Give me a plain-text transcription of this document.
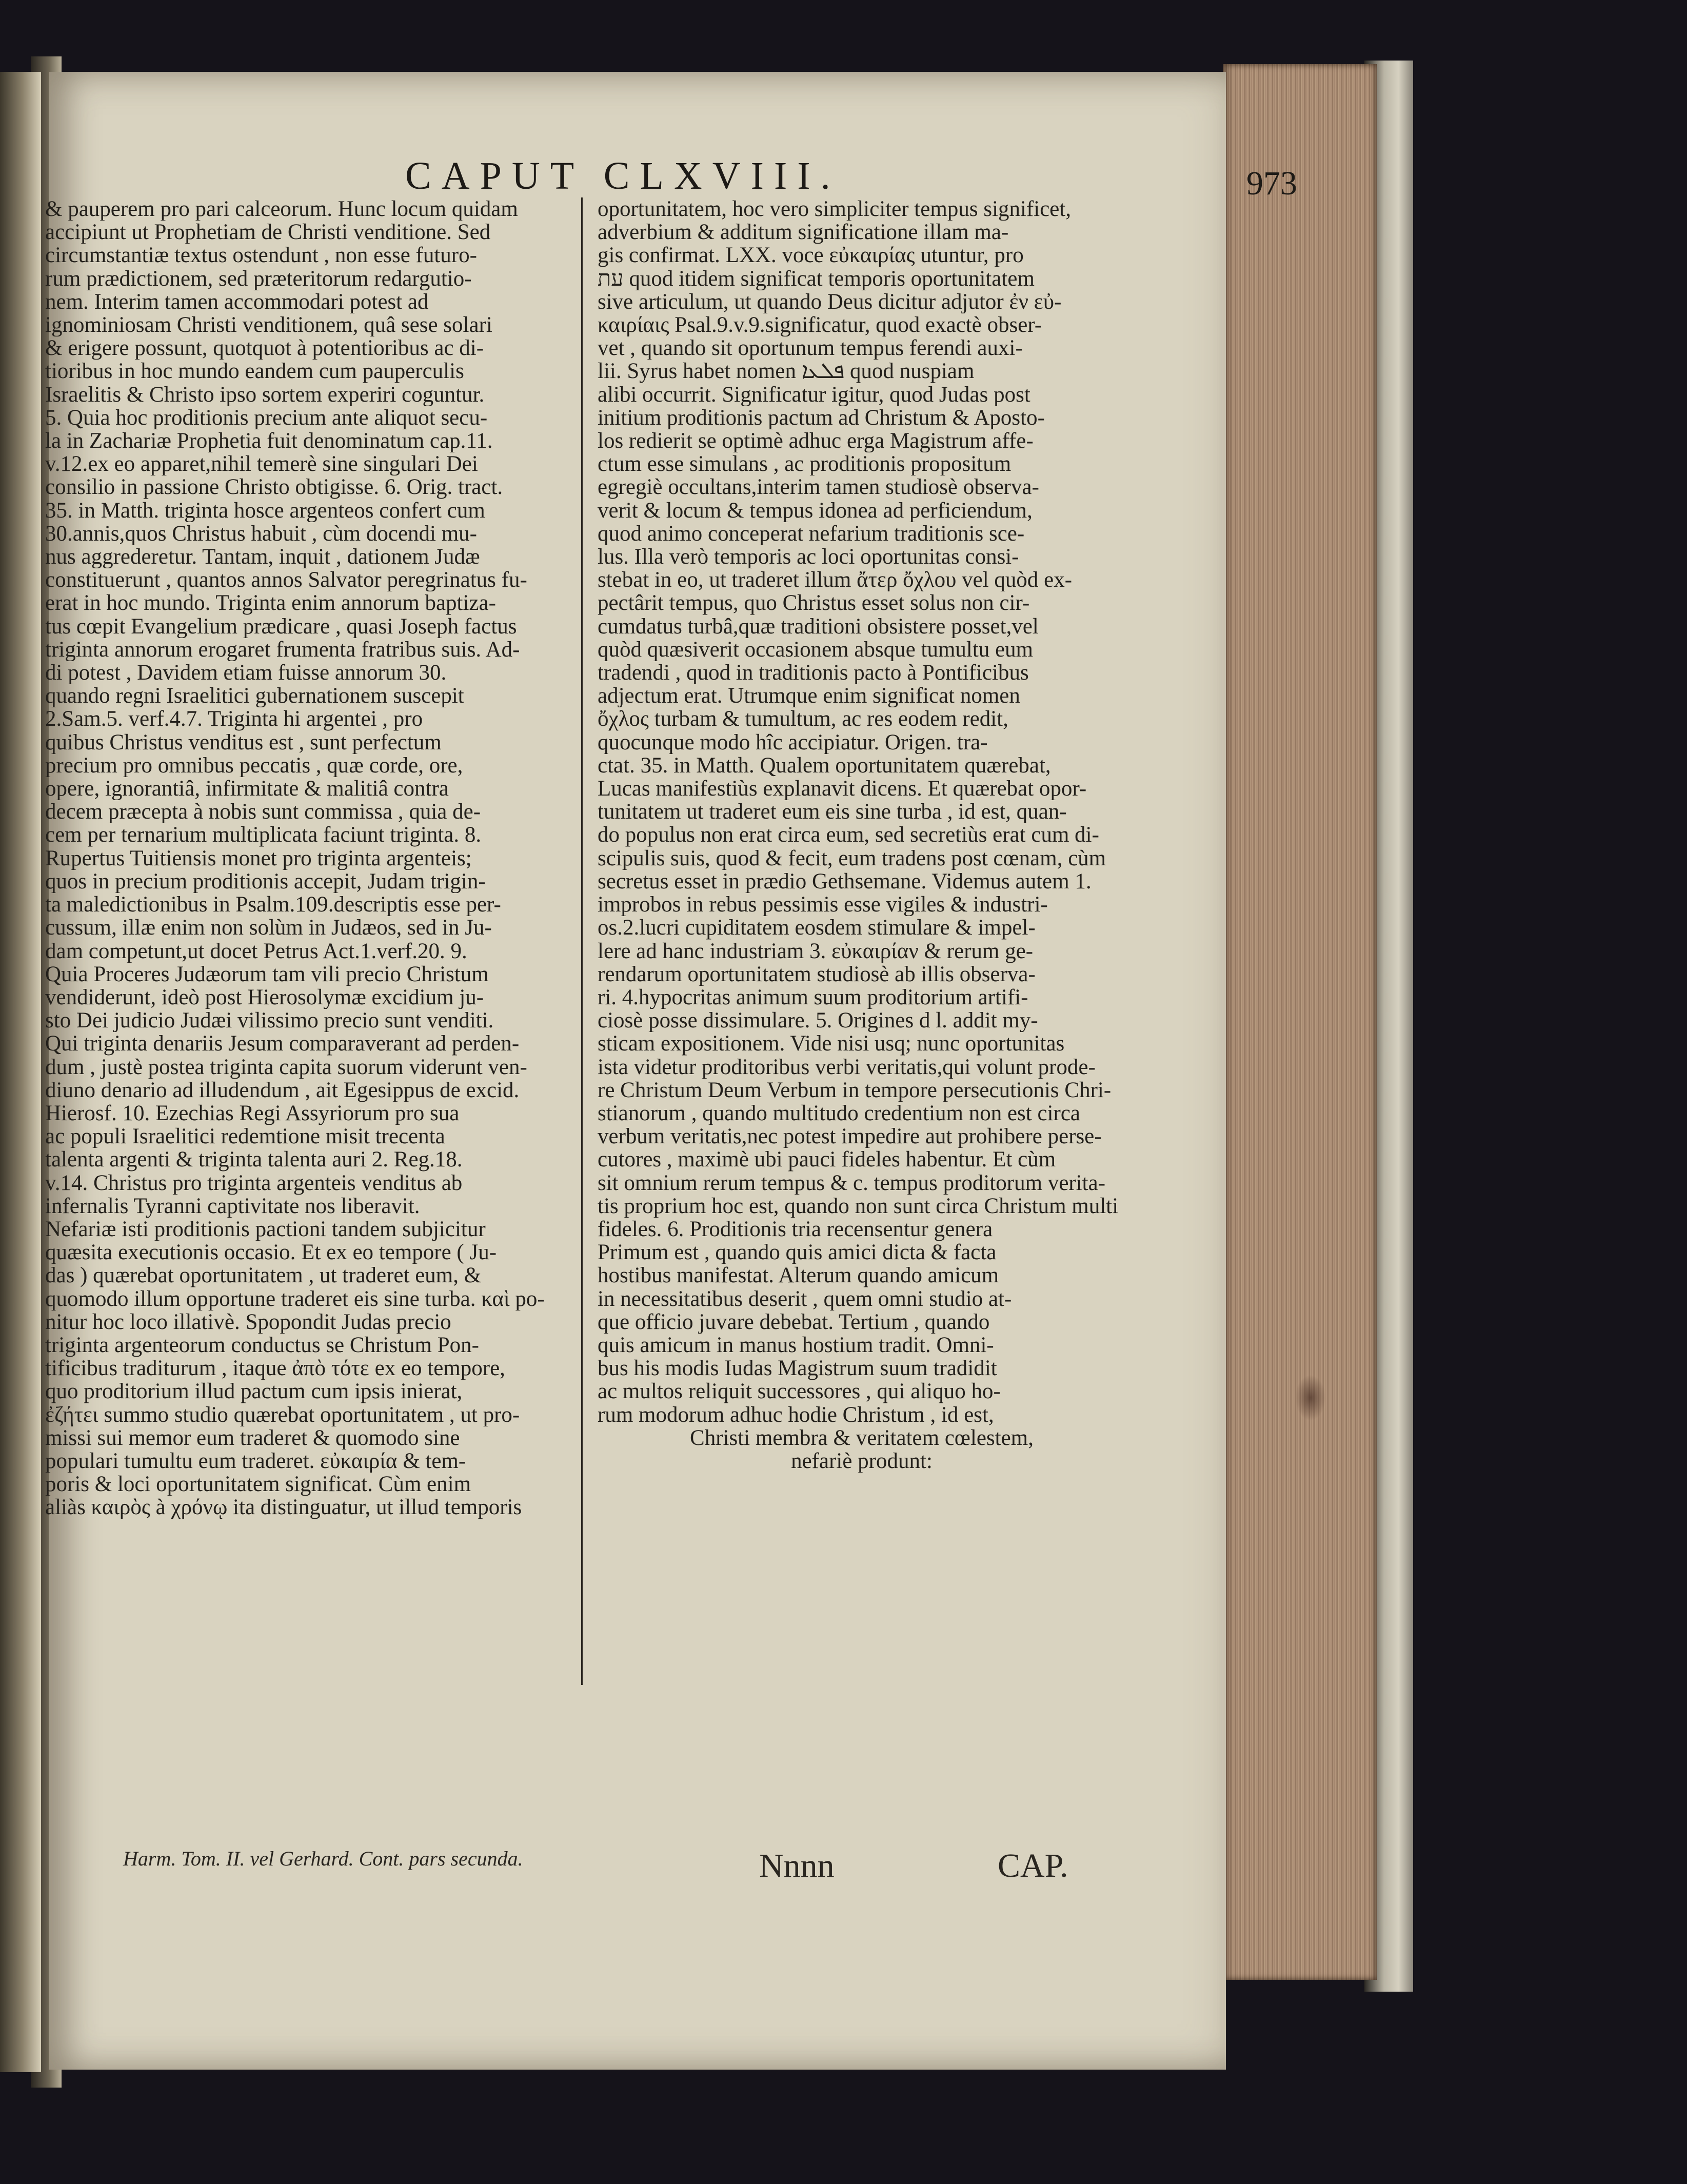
CAPUT CLXVIII.	973
& pauperem pro pari calceorum. Hunc locum quidam
accipiunt ut Prophetiam de Christi venditione. Sed
circumstantiæ textus ostendunt , non esse futuro-
rum prædictionem, sed præteritorum redargutio-
nem. Interim tamen accommodari potest ad
ignominiosam Christi venditionem, quâ sese solari
& erigere possunt, quotquot à potentioribus ac di-
tioribus in hoc mundo eandem cum pauperculis
Israelitis & Christo ipso sortem experiri coguntur.
5. Quia hoc proditionis precium ante aliquot secu-
la in Zachariæ Prophetia fuit denominatum cap.11.
v.12.ex eo apparet,nihil temerè sine singulari Dei
consilio in passione Christo obtigisse. 6. Orig. tract.
35. in Matth. triginta hosce argenteos confert cum
30.annis,quos Christus habuit , cùm docendi mu-
nus aggrederetur. Tantam, inquit , dationem Judæ
constituerunt , quantos annos Salvator peregrinatus fu-
erat in hoc mundo. Triginta enim annorum baptiza-
tus cœpit Evangelium prædicare , quasi Joseph factus
triginta annorum erogaret frumenta fratribus suis. Ad-
di potest , Davidem etiam fuisse annorum 30.
quando regni Israelitici gubernationem suscepit
2.Sam.5. verf.4.7. Triginta hi argentei , pro
quibus Christus venditus est , sunt perfectum
precium pro omnibus peccatis , quæ corde, ore,
opere, ignorantiâ, infirmitate & malitiâ contra
decem præcepta à nobis sunt commissa , quia de-
cem per ternarium multiplicata faciunt triginta. 8.
Rupertus Tuitiensis monet pro triginta argenteis;
quos in precium proditionis accepit, Judam trigin-
ta maledictionibus in Psalm.109.descriptis esse per-
cussum, illæ enim non solùm in Judæos, sed in Ju-
dam competunt,ut docet Petrus Act.1.verf.20. 9.
Quia Proceres Judæorum tam vili precio Christum
vendiderunt, ideò post Hierosolymæ excidium ju-
sto Dei judicio Judæi vilissimo precio sunt venditi.
Qui triginta denariis Jesum comparaverant ad perden-
dum , justè postea triginta capita suorum viderunt ven-
diuno denario ad illudendum , ait Egesippus de excid.
Hierosf. 10. Ezechias Regi Assyriorum pro sua
ac populi Israelitici redemtione misit trecenta
talenta argenti & triginta talenta auri 2. Reg.18.
v.14. Christus pro triginta argenteis venditus ab
infernalis Tyranni captivitate nos liberavit.
Nefariæ isti proditionis pactioni tandem subjicitur
quæsita executionis occasio. Et ex eo tempore ( Ju-
das ) quærebat oportunitatem , ut traderet eum, &
quomodo illum opportune traderet eis sine turba. καὶ po-
nitur hoc loco illativè. Spopondit Judas precio
triginta argenteorum conductus se Christum Pon-
tificibus traditurum , itaque ἀπὸ τότε ex eo tempore,
quo proditorium illud pactum cum ipsis inierat,
ἐζήτει summo studio quærebat oportunitatem , ut pro-
missi sui memor eum traderet & quomodo sine
populari tumultu eum traderet. εὐκαιρία & tem-
poris & loci oportunitatem significat. Cùm enim
aliàs καιρὸς à χρόνῳ ita distinguatur, ut illud temporis
oportunitatem, hoc vero simpliciter tempus significet,
adverbium & additum significatione illam ma-
gis confirmat. LXX. voce εὐκαιρίας utuntur, pro
עת quod itidem significat temporis oportunitatem
sive articulum, ut quando Deus dicitur adjutor ἐν εὐ-
καιρίαις Psal.9.v.9.significatur, quod exactè obser-
vet , quando sit oportunum tempus ferendi auxi-
lii. Syrus habet nomen ܦܠܥܐ quod nuspiam
alibi occurrit. Significatur igitur, quod Judas post
initium proditionis pactum ad Christum & Aposto-
los redierit se optimè adhuc erga Magistrum affe-
ctum esse simulans , ac proditionis propositum
egregiè occultans,interim tamen studiosè observa-
verit & locum & tempus idonea ad perficiendum,
quod animo conceperat nefarium traditionis sce-
lus. Illa verò temporis ac loci oportunitas consi-
stebat in eo, ut traderet illum ἄτερ ὄχλου vel quòd ex-
pectârit tempus, quo Christus esset solus non cir-
cumdatus turbâ,quæ traditioni obsistere posset,vel
quòd quæsiverit occasionem absque tumultu eum
tradendi , quod in traditionis pacto à Pontificibus
adjectum erat. Utrumque enim significat nomen
ὄχλος turbam & tumultum, ac res eodem redit,
quocunque modo hîc accipiatur. Origen. tra-
ctat. 35. in Matth. Qualem oportunitatem quærebat,
Lucas manifestiùs explanavit dicens. Et quærebat opor-
tunitatem ut traderet eum eis sine turba , id est, quan-
do populus non erat circa eum, sed secretiùs erat cum di-
scipulis suis, quod & fecit, eum tradens post cœnam, cùm
secretus esset in prædio Gethsemane. Videmus autem 1.
improbos in rebus pessimis esse vigiles & industri-
os.2.lucri cupiditatem eosdem stimulare & impel-
lere ad hanc industriam 3. εὐκαιρίαν & rerum ge-
rendarum oportunitatem studiosè ab illis observa-
ri. 4.hypocritas animum suum proditorium artifi-
ciosè posse dissimulare. 5. Origines d l. addit my-
sticam expositionem. Vide nisi usq; nunc oportunitas
ista videtur proditoribus verbi veritatis,qui volunt prode-
re Christum Deum Verbum in tempore persecutionis Chri-
stianorum , quando multitudo credentium non est circa
verbum veritatis,nec potest impedire aut prohibere perse-
cutores , maximè ubi pauci fideles habentur. Et cùm
sit omnium rerum tempus & c. tempus proditorum verita-
tis proprium hoc est, quando non sunt circa Christum multi
fideles. 6. Proditionis tria recensentur genera
Primum est , quando quis amici dicta & facta
hostibus manifestat. Alterum quando amicum
in necessitatibus deserit , quem omni studio at-
que officio juvare debebat. Tertium , quando
quis amicum in manus hostium tradit. Omni-
bus his modis Iudas Magistrum suum tradidit
ac multos reliquit successores , qui aliquo ho-
rum modorum adhuc hodie Christum , id est,
Christi membra & veritatem cœlestem,
nefariè produnt:
Harm. Tom. II. vel Gerhard. Cont. pars secunda.	Nnnn	CAP.
